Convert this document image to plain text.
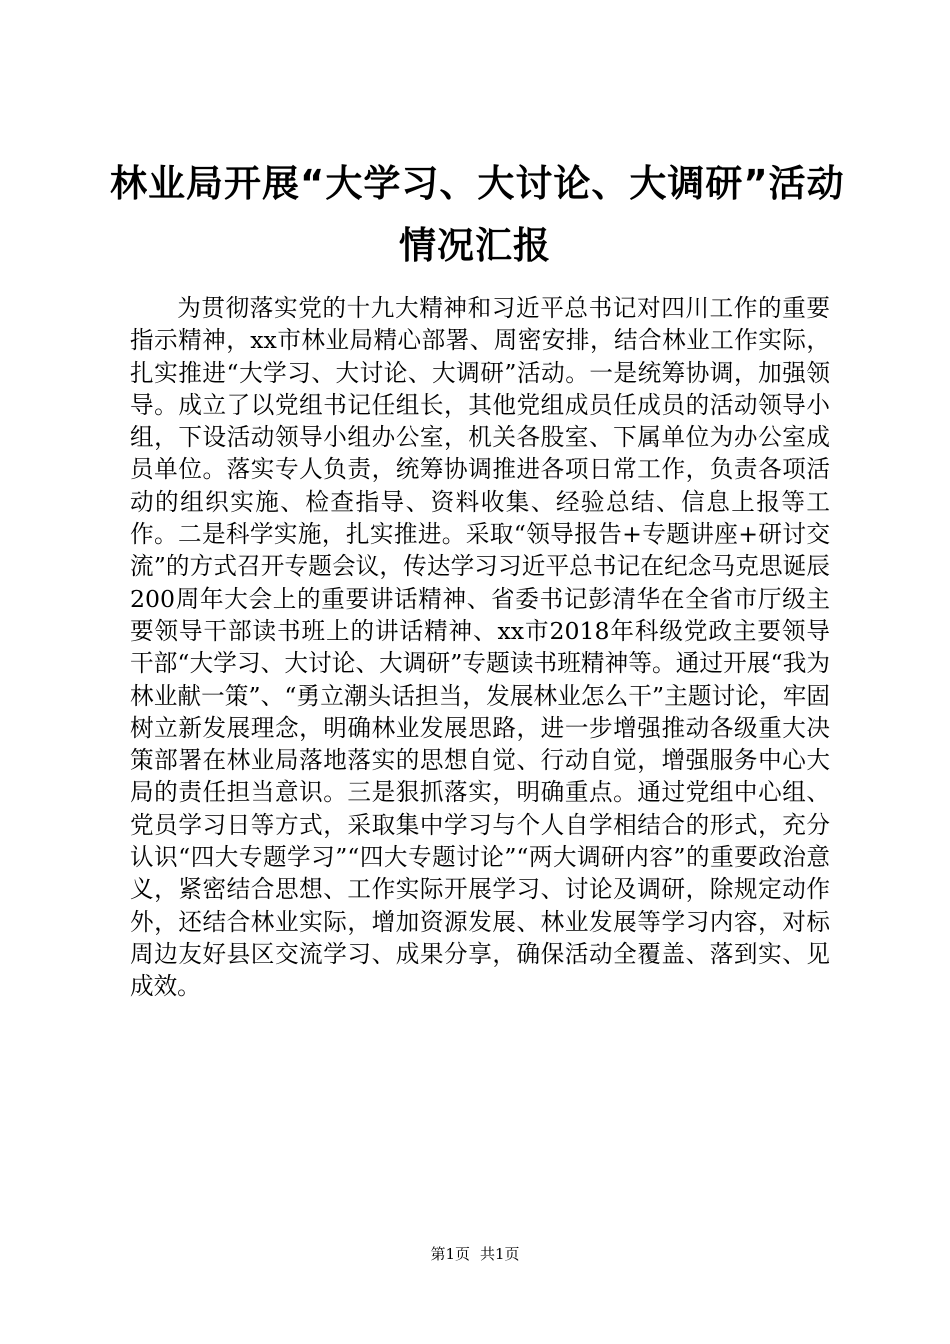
林业局开展“大学习、大讨论、大调研”活动
情况汇报

为贯彻落实党的十九大精神和习近平总书记对四川工作的重要指示精神，xx市林业局精心部署、周密安排，结合林业工作实际，扎实推进“大学习、大讨论、大调研”活动。一是统筹协调，加强领导。成立了以党组书记任组长，其他党组成员任成员的活动领导小组，下设活动领导小组办公室，机关各股室、下属单位为办公室成员单位。落实专人负责，统筹协调推进各项日常工作，负责各项活动的组织实施、检查指导、资料收集、经验总结、信息上报等工作。二是科学实施，扎实推进。采取“领导报告+专题讲座+研讨交流”的方式召开专题会议，传达学习习近平总书记在纪念马克思诞辰200周年大会上的重要讲话精神、省委书记彭清华在全省市厅级主要领导干部读书班上的讲话精神、xx市2018年科级党政主要领导干部“大学习、大讨论、大调研”专题读书班精神等。通过开展“我为林业献一策”、“勇立潮头话担当，发展林业怎么干”主题讨论，牢固树立新发展理念，明确林业发展思路，进一步增强推动各级重大决策部署在林业局落地落实的思想自觉、行动自觉，增强服务中心大局的责任担当意识。三是狠抓落实，明确重点。通过党组中心组、党员学习日等方式，采取集中学习与个人自学相结合的形式，充分认识“四大专题学习”“四大专题讨论”“两大调研内容”的重要政治意义，紧密结合思想、工作实际开展学习、讨论及调研，除规定动作外，还结合林业实际，增加资源发展、林业发展等学习内容，对标周边友好县区交流学习、成果分享，确保活动全覆盖、落到实、见成效。

第1页 共1页
